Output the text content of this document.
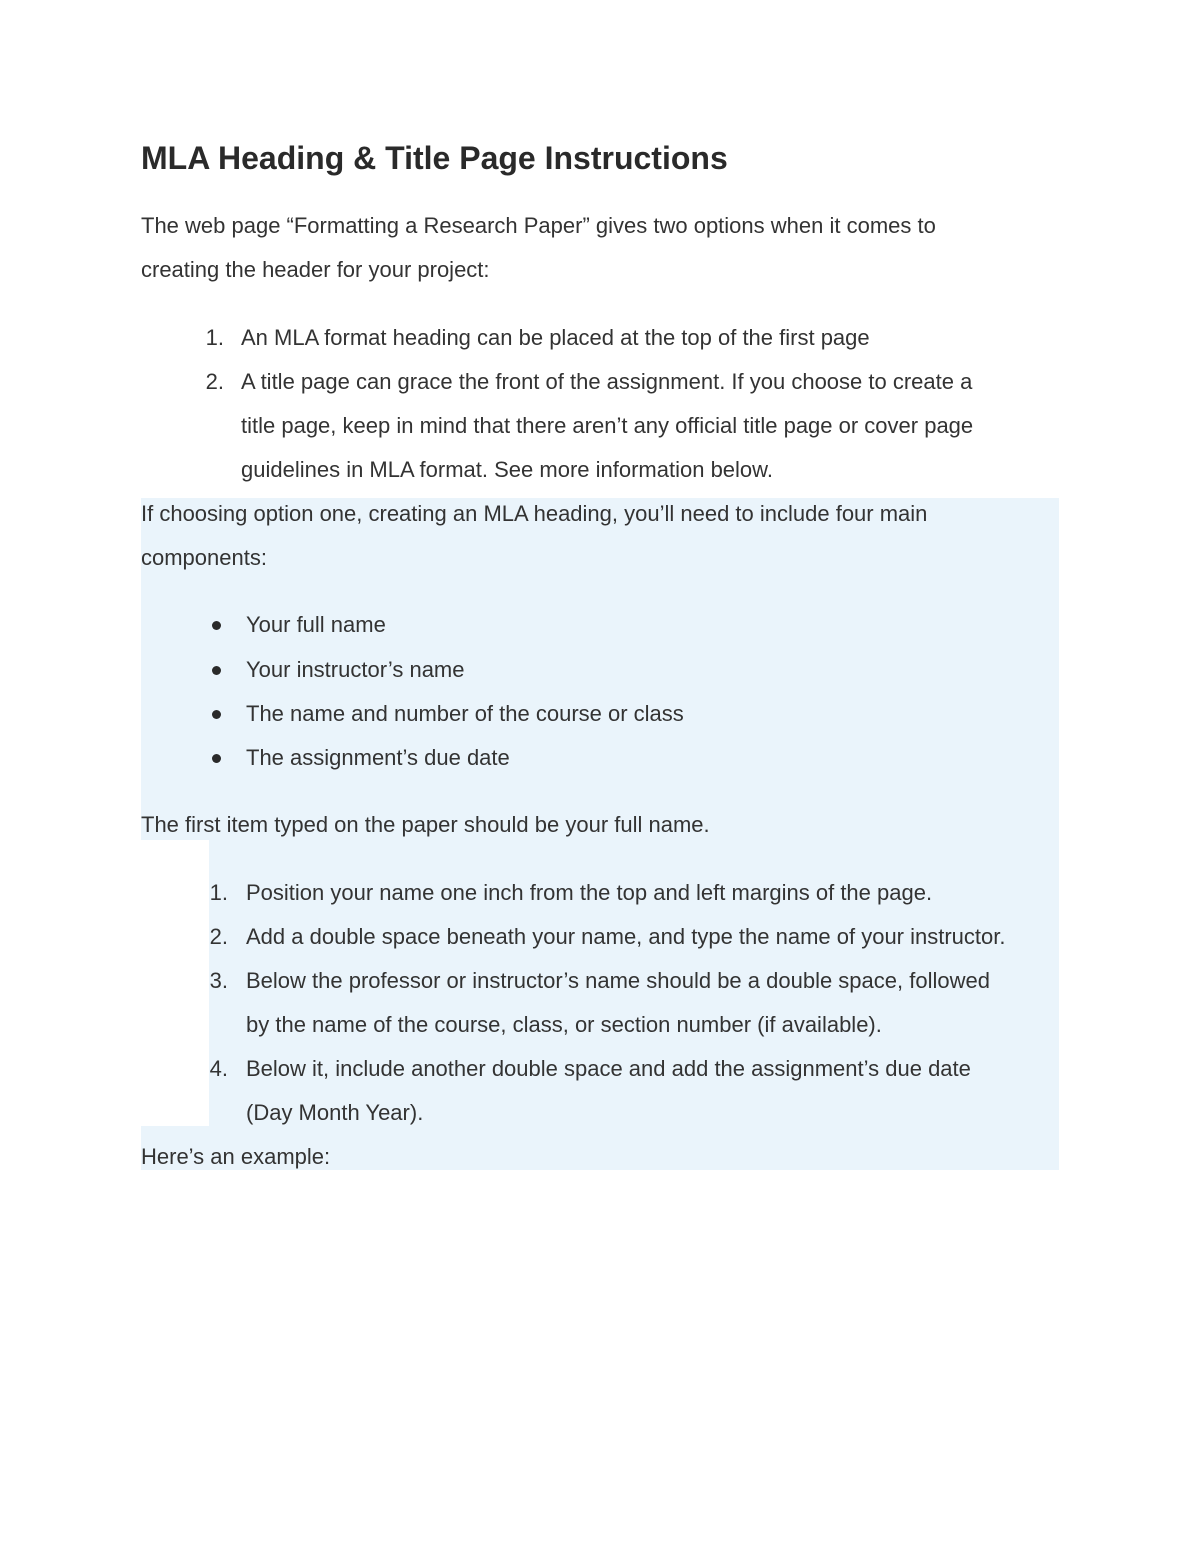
MLA Heading & Title Page Instructions

The web page “Formatting a Research Paper” gives two options when it comes to

creating the header for your project:

1. An MLA format heading can be placed at the top of the first page

2. A title page can grace the front of the assignment. If you choose to create a

title page, keep in mind that there aren’t any official title page or cover page

guidelines in MLA format. See more information below.

If choosing option one, creating an MLA heading, you’ll need to include four main

components:

Your full name

Your instructor’s name

The name and number of the course or class

The assignment’s due date

The first item typed on the paper should be your full name.

1. Position your name one inch from the top and left margins of the page.

2. Add a double space beneath your name, and type the name of your instructor.

3. Below the professor or instructor’s name should be a double space, followed

by the name of the course, class, or section number (if available).

4. Below it, include another double space and add the assignment’s due date

(Day Month Year).

Here’s an example:
